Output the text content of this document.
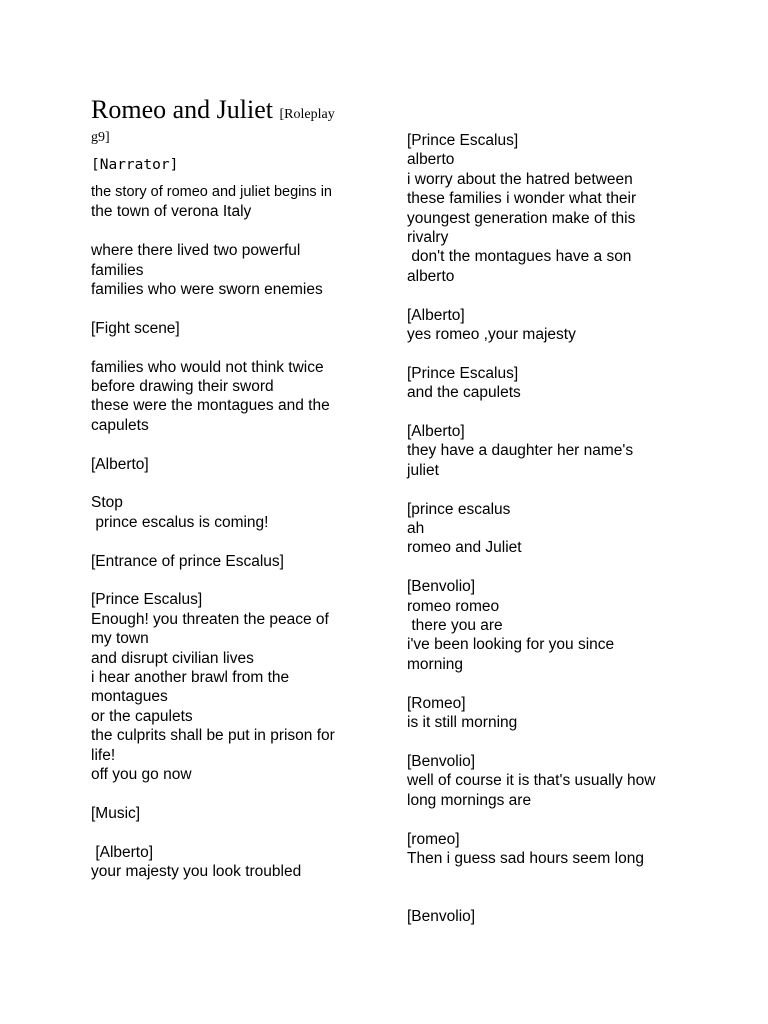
Romeo and Juliet [Roleplay

g9]

[Narrator]

the story of romeo and juliet begins in
the town of verona Italy
where there lived two powerful
families
families who were sworn enemies
[Fight scene]
families who would not think twice
before drawing their sword
these were the montagues and the
capulets
[Alberto]
Stop
prince escalus is coming!
[Entrance of prince Escalus]
[Prince Escalus]
Enough! you threaten the peace of
my town
and disrupt civilian lives
i hear another brawl from the
montagues
or the capulets
the culprits shall be put in prison for
life!
off you go now
[Music]
[Alberto]
your majesty you look troubled
[Prince Escalus]
alberto
i worry about the hatred between
these families i wonder what their
youngest generation make of this
rivalry
don't the montagues have a son
alberto
[Alberto]
yes romeo ,your majesty
[Prince Escalus]
and the capulets
[Alberto]
they have a daughter her name's
juliet
[prince escalus
ah
romeo and Juliet
[Benvolio]
romeo romeo
there you are
i've been looking for you since
morning
[Romeo]
is it still morning
[Benvolio]
well of course it is that's usually how
long mornings are
[romeo]
Then i guess sad hours seem long
[Benvolio]
